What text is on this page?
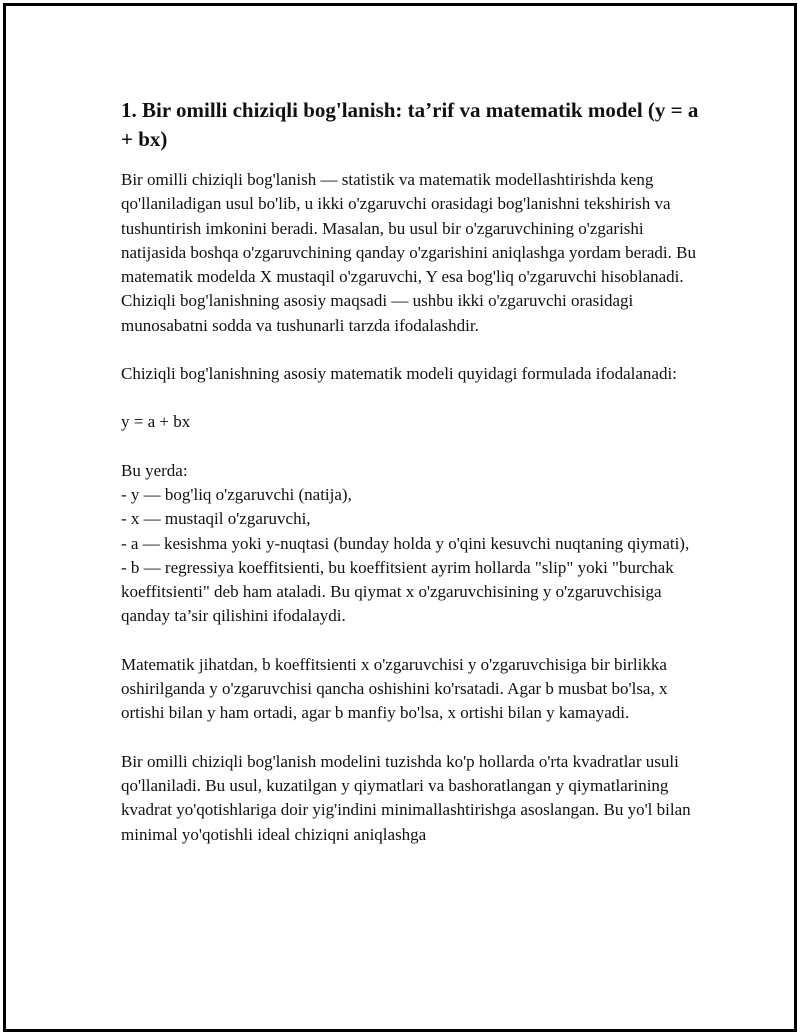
1. Bir omilli chiziqli bog'lanish: ta’rif va matematik model (y = a + bx)

Bir omilli chiziqli bog'lanish — statistik va matematik modellashtirishda keng qo'llaniladigan usul bo'lib, u ikki o'zgaruvchi orasidagi bog'lanishni tekshirish va tushuntirish imkonini beradi. Masalan, bu usul bir o'zgaruvchining o'zgarishi natijasida boshqa o'zgaruvchining qanday o'zgarishini aniqlashga yordam beradi. Bu matematik modelda X mustaqil o'zgaruvchi, Y esa bog'liq o'zgaruvchi hisoblanadi. Chiziqli bog'lanishning asosiy maqsadi — ushbu ikki o'zgaruvchi orasidagi munosabatni sodda va tushunarli tarzda ifodalashdir.

Chiziqli bog'lanishning asosiy matematik modeli quyidagi formulada ifodalanadi:

y = a + bx

Bu yerda:
- y — bog'liq o'zgaruvchi (natija),
- x — mustaqil o'zgaruvchi,
- a — kesishma yoki y-nuqtasi (bunday holda y o'qini kesuvchi nuqtaning qiymati),
- b — regressiya koeffitsienti, bu koeffitsient ayrim hollarda "slip" yoki "burchak koeffitsienti" deb ham ataladi. Bu qiymat x o'zgaruvchisining y o'zgaruvchisiga qanday ta’sir qilishini ifodalaydi.

Matematik jihatdan, b koeffitsienti x o'zgaruvchisi y o'zgaruvchisiga bir birlikka oshirilganda y o'zgaruvchisi qancha oshishini ko'rsatadi. Agar b musbat bo'lsa, x ortishi bilan y ham ortadi, agar b manfiy bo'lsa, x ortishi bilan y kamayadi.

Bir omilli chiziqli bog'lanish modelini tuzishda ko'p hollarda o'rta kvadratlar usuli qo'llaniladi. Bu usul, kuzatilgan y qiymatlari va bashoratlangan y qiymatlarining kvadrat yo'qotishlariga doir yig'indini minimallashtirishga asoslangan. Bu yo'l bilan minimal yo'qotishli ideal chiziqni aniqlashga
